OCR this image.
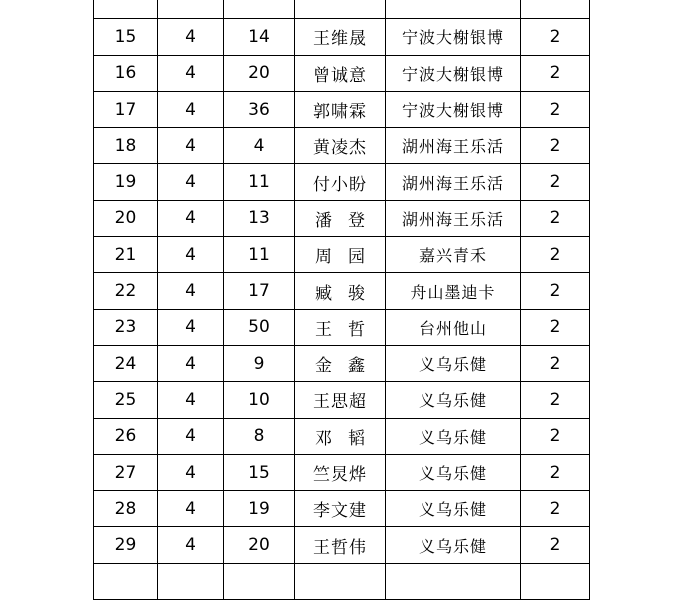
15	4	14	王维晟	宁波大榭银博	2
16	4	20	曾诚意	宁波大榭银博	2
17	4	36	郭啸霖	宁波大榭银博	2
18	4	4	黄凌杰	湖州海王乐活	2
19	4	11	付小盼	湖州海王乐活	2
20	4	13	潘登	湖州海王乐活	2
21	4	11	周园	嘉兴青禾	2
22	4	17	臧骏	舟山墨迪卡	2
23	4	50	王哲	台州他山	2
24	4	9	金鑫	义乌乐健	2
25	4	10	王思超	义乌乐健	2
26	4	8	邓韬	义乌乐健	2
27	4	15	竺炅烨	义乌乐健	2
28	4	19	李文建	义乌乐健	2
29	4	20	王哲伟	义乌乐健	2
